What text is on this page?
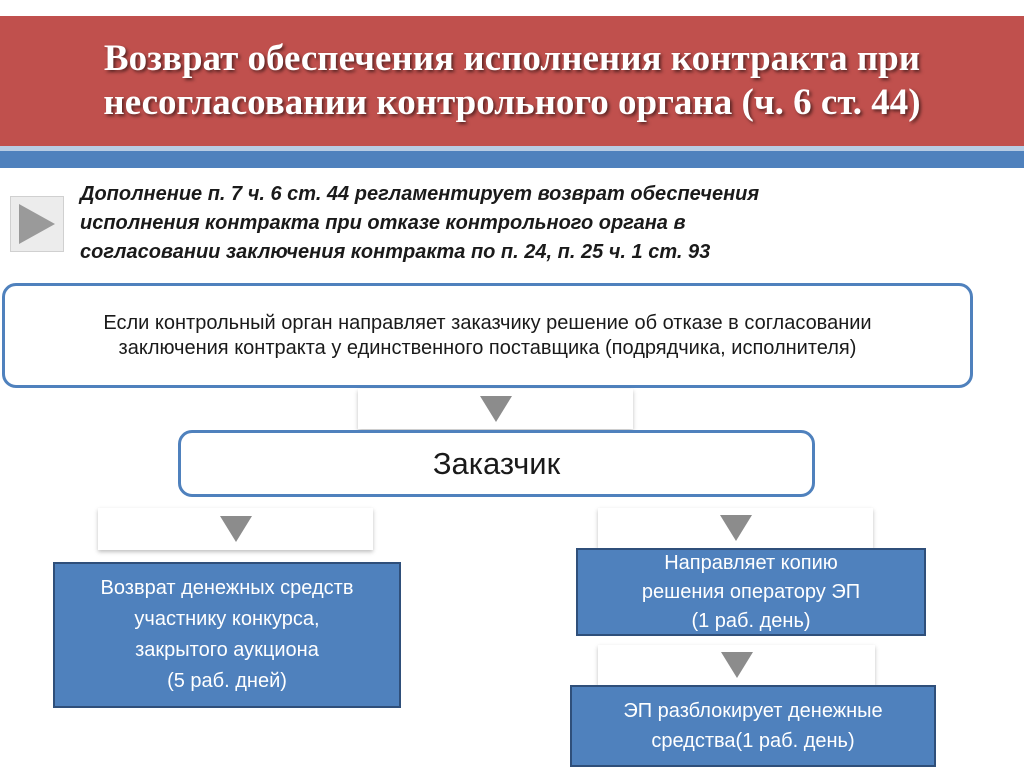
Возврат обеспечения исполнения контракта при
несогласовании контрольного органа (ч. 6 ст. 44)
Дополнение п. 7 ч. 6 ст. 44 регламентирует возврат обеспечения
исполнения контракта при отказе контрольного органа в
согласовании заключения контракта по п. 24, п. 25 ч. 1 ст. 93
Если контрольный орган направляет заказчику решение об отказе в согласовании
заключения контракта у единственного поставщика (подрядчика, исполнителя)
Заказчик
Возврат денежных средств
участнику конкурса,
закрытого аукциона
(5 раб. дней)
Направляет копию
решения оператору ЭП
(1 раб. день)
ЭП разблокирует денежные
средства(1 раб. день)
